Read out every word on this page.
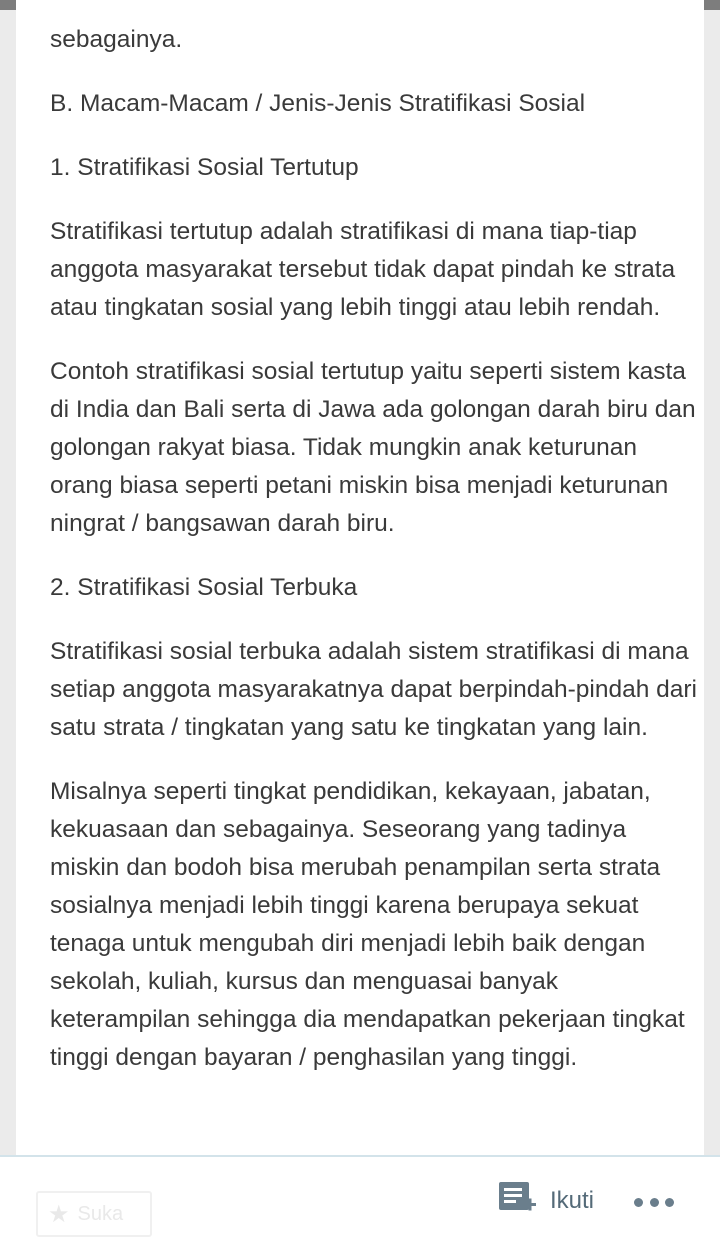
sebagainya.

B. Macam-Macam / Jenis-Jenis Stratifikasi Sosial

1. Stratifikasi Sosial Tertutup

Stratifikasi tertutup adalah stratifikasi di mana tiap-tiap anggota masyarakat tersebut tidak dapat pindah ke strata atau tingkatan sosial yang lebih tinggi atau lebih rendah.

Contoh stratifikasi sosial tertutup yaitu seperti sistem kasta di India dan Bali serta di Jawa ada golongan darah biru dan golongan rakyat biasa. Tidak mungkin anak keturunan orang biasa seperti petani miskin bisa menjadi keturunan ningrat / bangsawan darah biru.

2. Stratifikasi Sosial Terbuka

Stratifikasi sosial terbuka adalah sistem stratifikasi di mana setiap anggota masyarakatnya dapat berpindah-pindah dari satu strata / tingkatan yang satu ke tingkatan yang lain.

Misalnya seperti tingkat pendidikan, kekayaan, jabatan, kekuasaan dan sebagainya. Seseorang yang tadinya miskin dan bodoh bisa merubah penampilan serta strata sosialnya menjadi lebih tinggi karena berupaya sekuat tenaga untuk mengubah diri menjadi lebih baik dengan sekolah, kuliah, kursus dan menguasai banyak keterampilan sehingga dia mendapatkan pekerjaan tingkat tinggi dengan bayaran / penghasilan yang tinggi.

★ Suka	Ikuti
